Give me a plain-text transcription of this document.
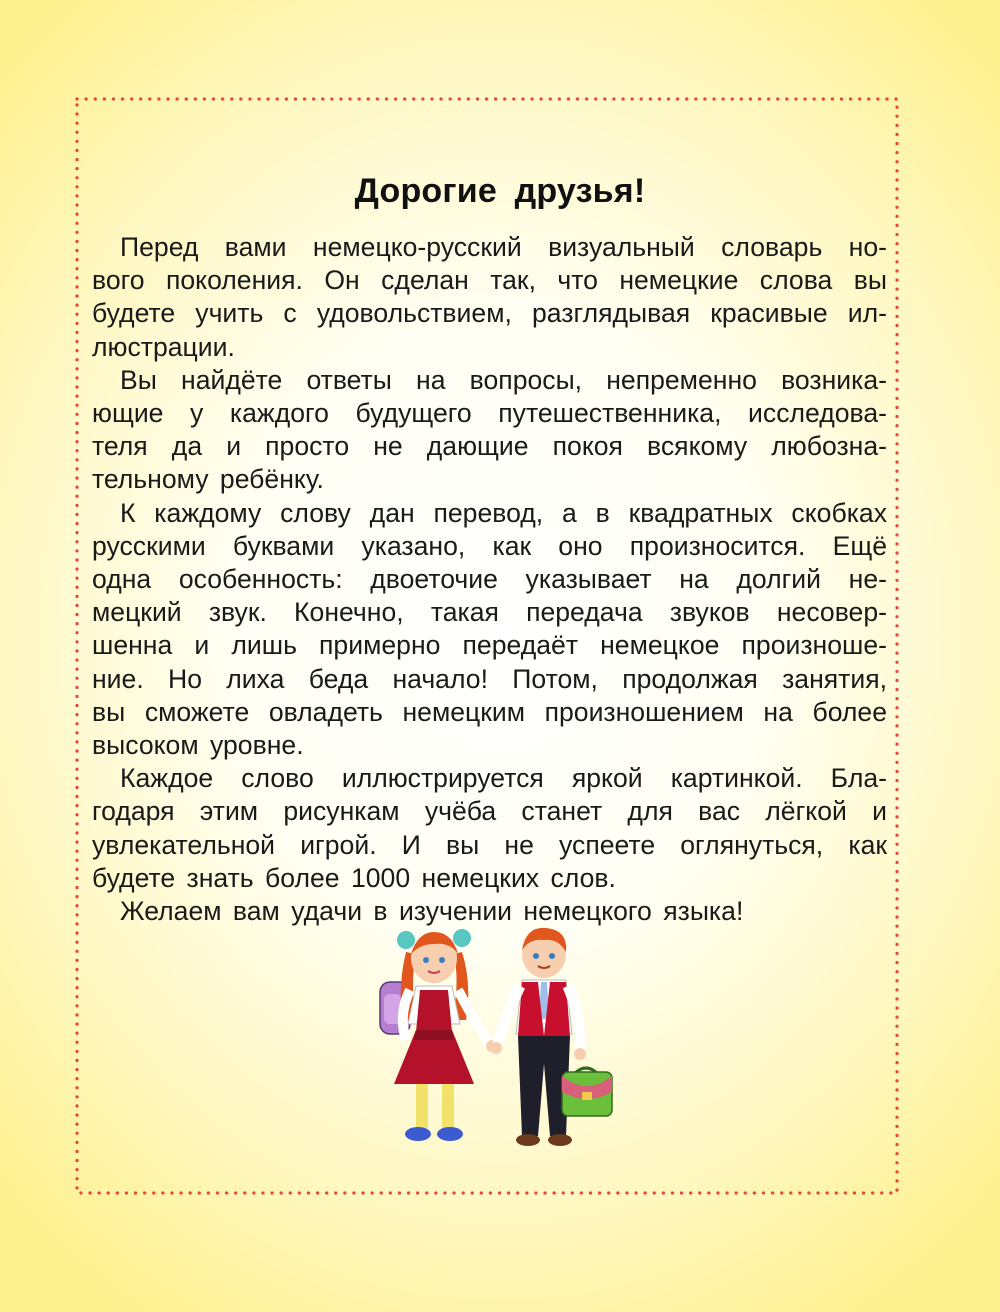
Дорогие друзья!
Перед вами немецко-русский визуальный словарь но-
вого поколения. Он сделан так, что немецкие слова вы
будете учить с удовольствием, разглядывая красивые ил-
люстрации.
Вы найдёте ответы на вопросы, непременно возника-
ющие у каждого будущего путешественника, исследова-
теля да и просто не дающие покоя всякому любозна-
тельному ребёнку.
К каждому слову дан перевод, а в квадратных скобках
русскими буквами указано, как оно произносится. Ещё
одна особенность: двоеточие указывает на долгий не-
мецкий звук. Конечно, такая передача звуков несовер-
шенна и лишь примерно передаёт немецкое произноше-
ние. Но лиха беда начало! Потом, продолжая занятия,
вы сможете овладеть немецким произношением на более
высоком уровне.
Каждое слово иллюстрируется яркой картинкой. Бла-
годаря этим рисункам учёба станет для вас лёгкой и
увлекательной игрой. И вы не успеете оглянуться, как
будете знать более 1000 немецких слов.
Желаем вам удачи в изучении немецкого языка!
